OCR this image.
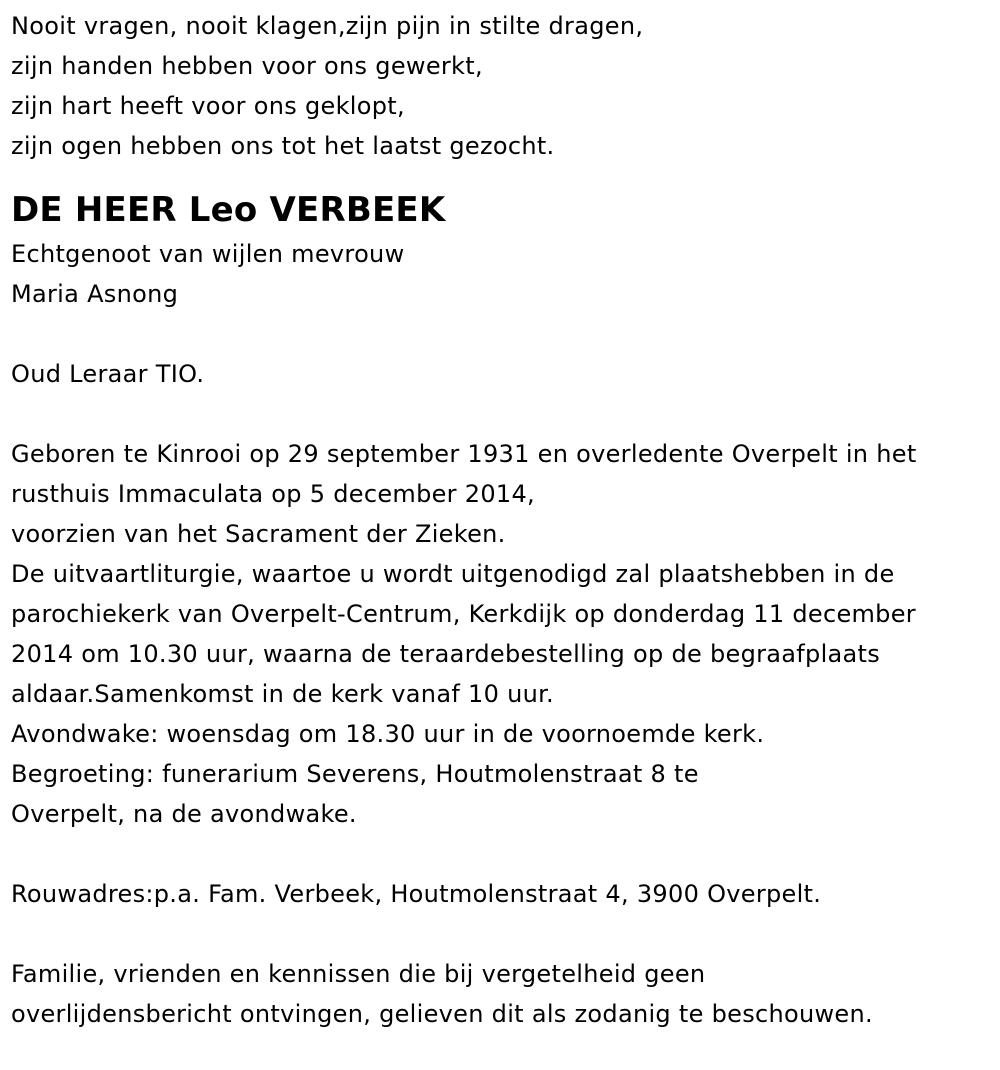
Nooit vragen, nooit klagen,zijn pijn in stilte dragen,
zijn handen hebben voor ons gewerkt,
zijn hart heeft voor ons geklopt,
zijn ogen hebben ons tot het laatst gezocht.
DE HEER Leo VERBEEK
Echtgenoot van wijlen mevrouw
Maria Asnong
Oud Leraar TIO.
Geboren te Kinrooi op 29 september 1931 en overledente Overpelt in het
rusthuis Immaculata op 5 december 2014,
voorzien van het Sacrament der Zieken.
De uitvaartliturgie, waartoe u wordt uitgenodigd zal plaatshebben in de
parochiekerk van Overpelt-Centrum, Kerkdijk op donderdag 11 december
2014 om 10.30 uur, waarna de teraardebestelling op de begraafplaats
aldaar.Samenkomst in de kerk vanaf 10 uur.
Avondwake: woensdag om 18.30 uur in de voornoemde kerk.
Begroeting: funerarium Severens, Houtmolenstraat 8 te
Overpelt, na de avondwake.
Rouwadres:p.a. Fam. Verbeek, Houtmolenstraat 4, 3900 Overpelt.
Familie, vrienden en kennissen die bij vergetelheid geen
overlijdensbericht ontvingen, gelieven dit als zodanig te beschouwen.
